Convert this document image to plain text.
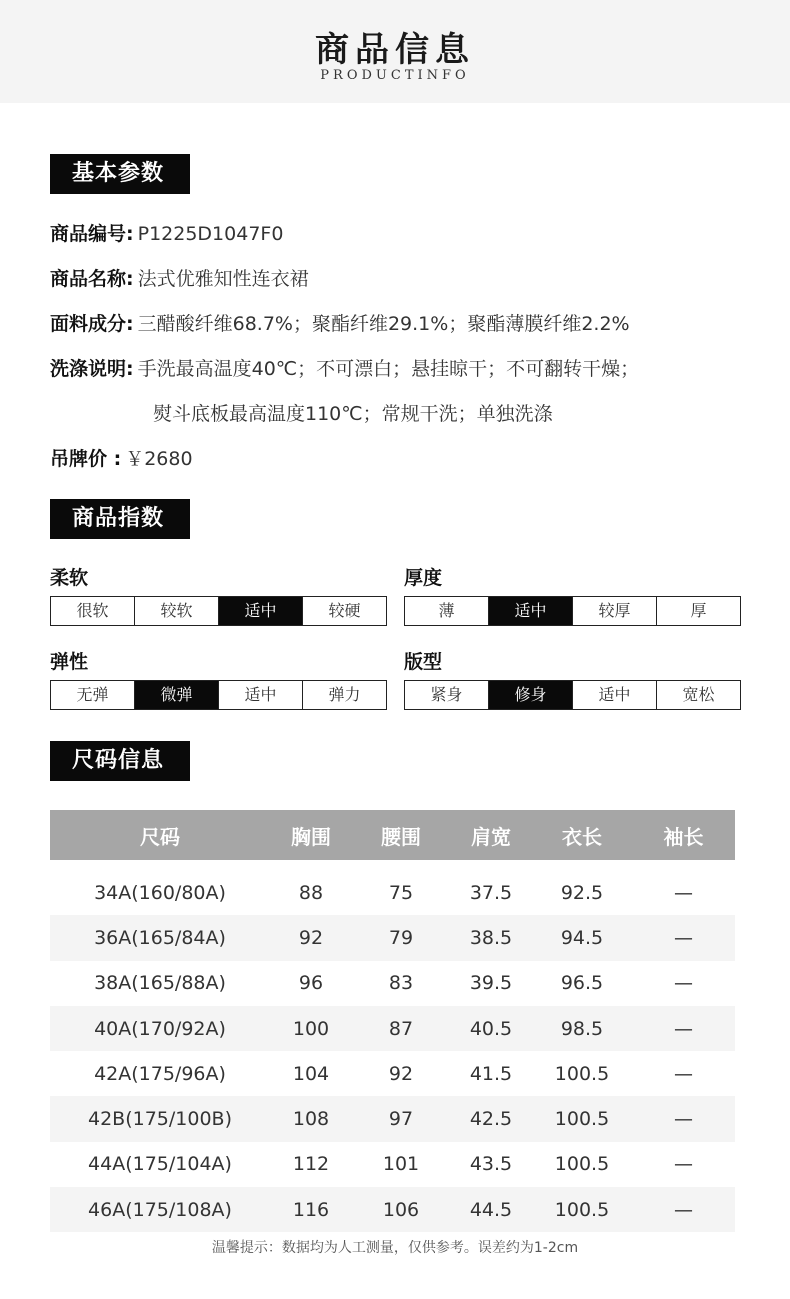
商品信息
PRODUCTINFO
基本参数
商品编号: P1225D1047F0
商品名称: 法式优雅知性连衣裙
面料成分: 三醋酸纤维68.7%；聚酯纤维29.1%；聚酯薄膜纤维2.2%
洗涤说明: 手洗最高温度40℃；不可漂白；悬挂晾干；不可翻转干燥；
熨斗底板最高温度110℃；常规干洗；单独洗涤
吊牌价 : ￥2680
商品指数
柔软
很软	较软	适中	较硬
厚度
薄	适中	较厚	厚
弹性
无弹	微弹	适中	弹力
版型
紧身	修身	适中	宽松
尺码信息
尺码	胸围	腰围	肩宽	衣长	袖长
34A(160/80A)	88	75	37.5	92.5	—
36A(165/84A)	92	79	38.5	94.5	—
38A(165/88A)	96	83	39.5	96.5	—
40A(170/92A)	100	87	40.5	98.5	—
42A(175/96A)	104	92	41.5	100.5	—
42B(175/100B)	108	97	42.5	100.5	—
44A(175/104A)	112	101	43.5	100.5	—
46A(175/108A)	116	106	44.5	100.5	—
温馨提示：数据均为人工测量，仅供参考。误差约为1-2cm
